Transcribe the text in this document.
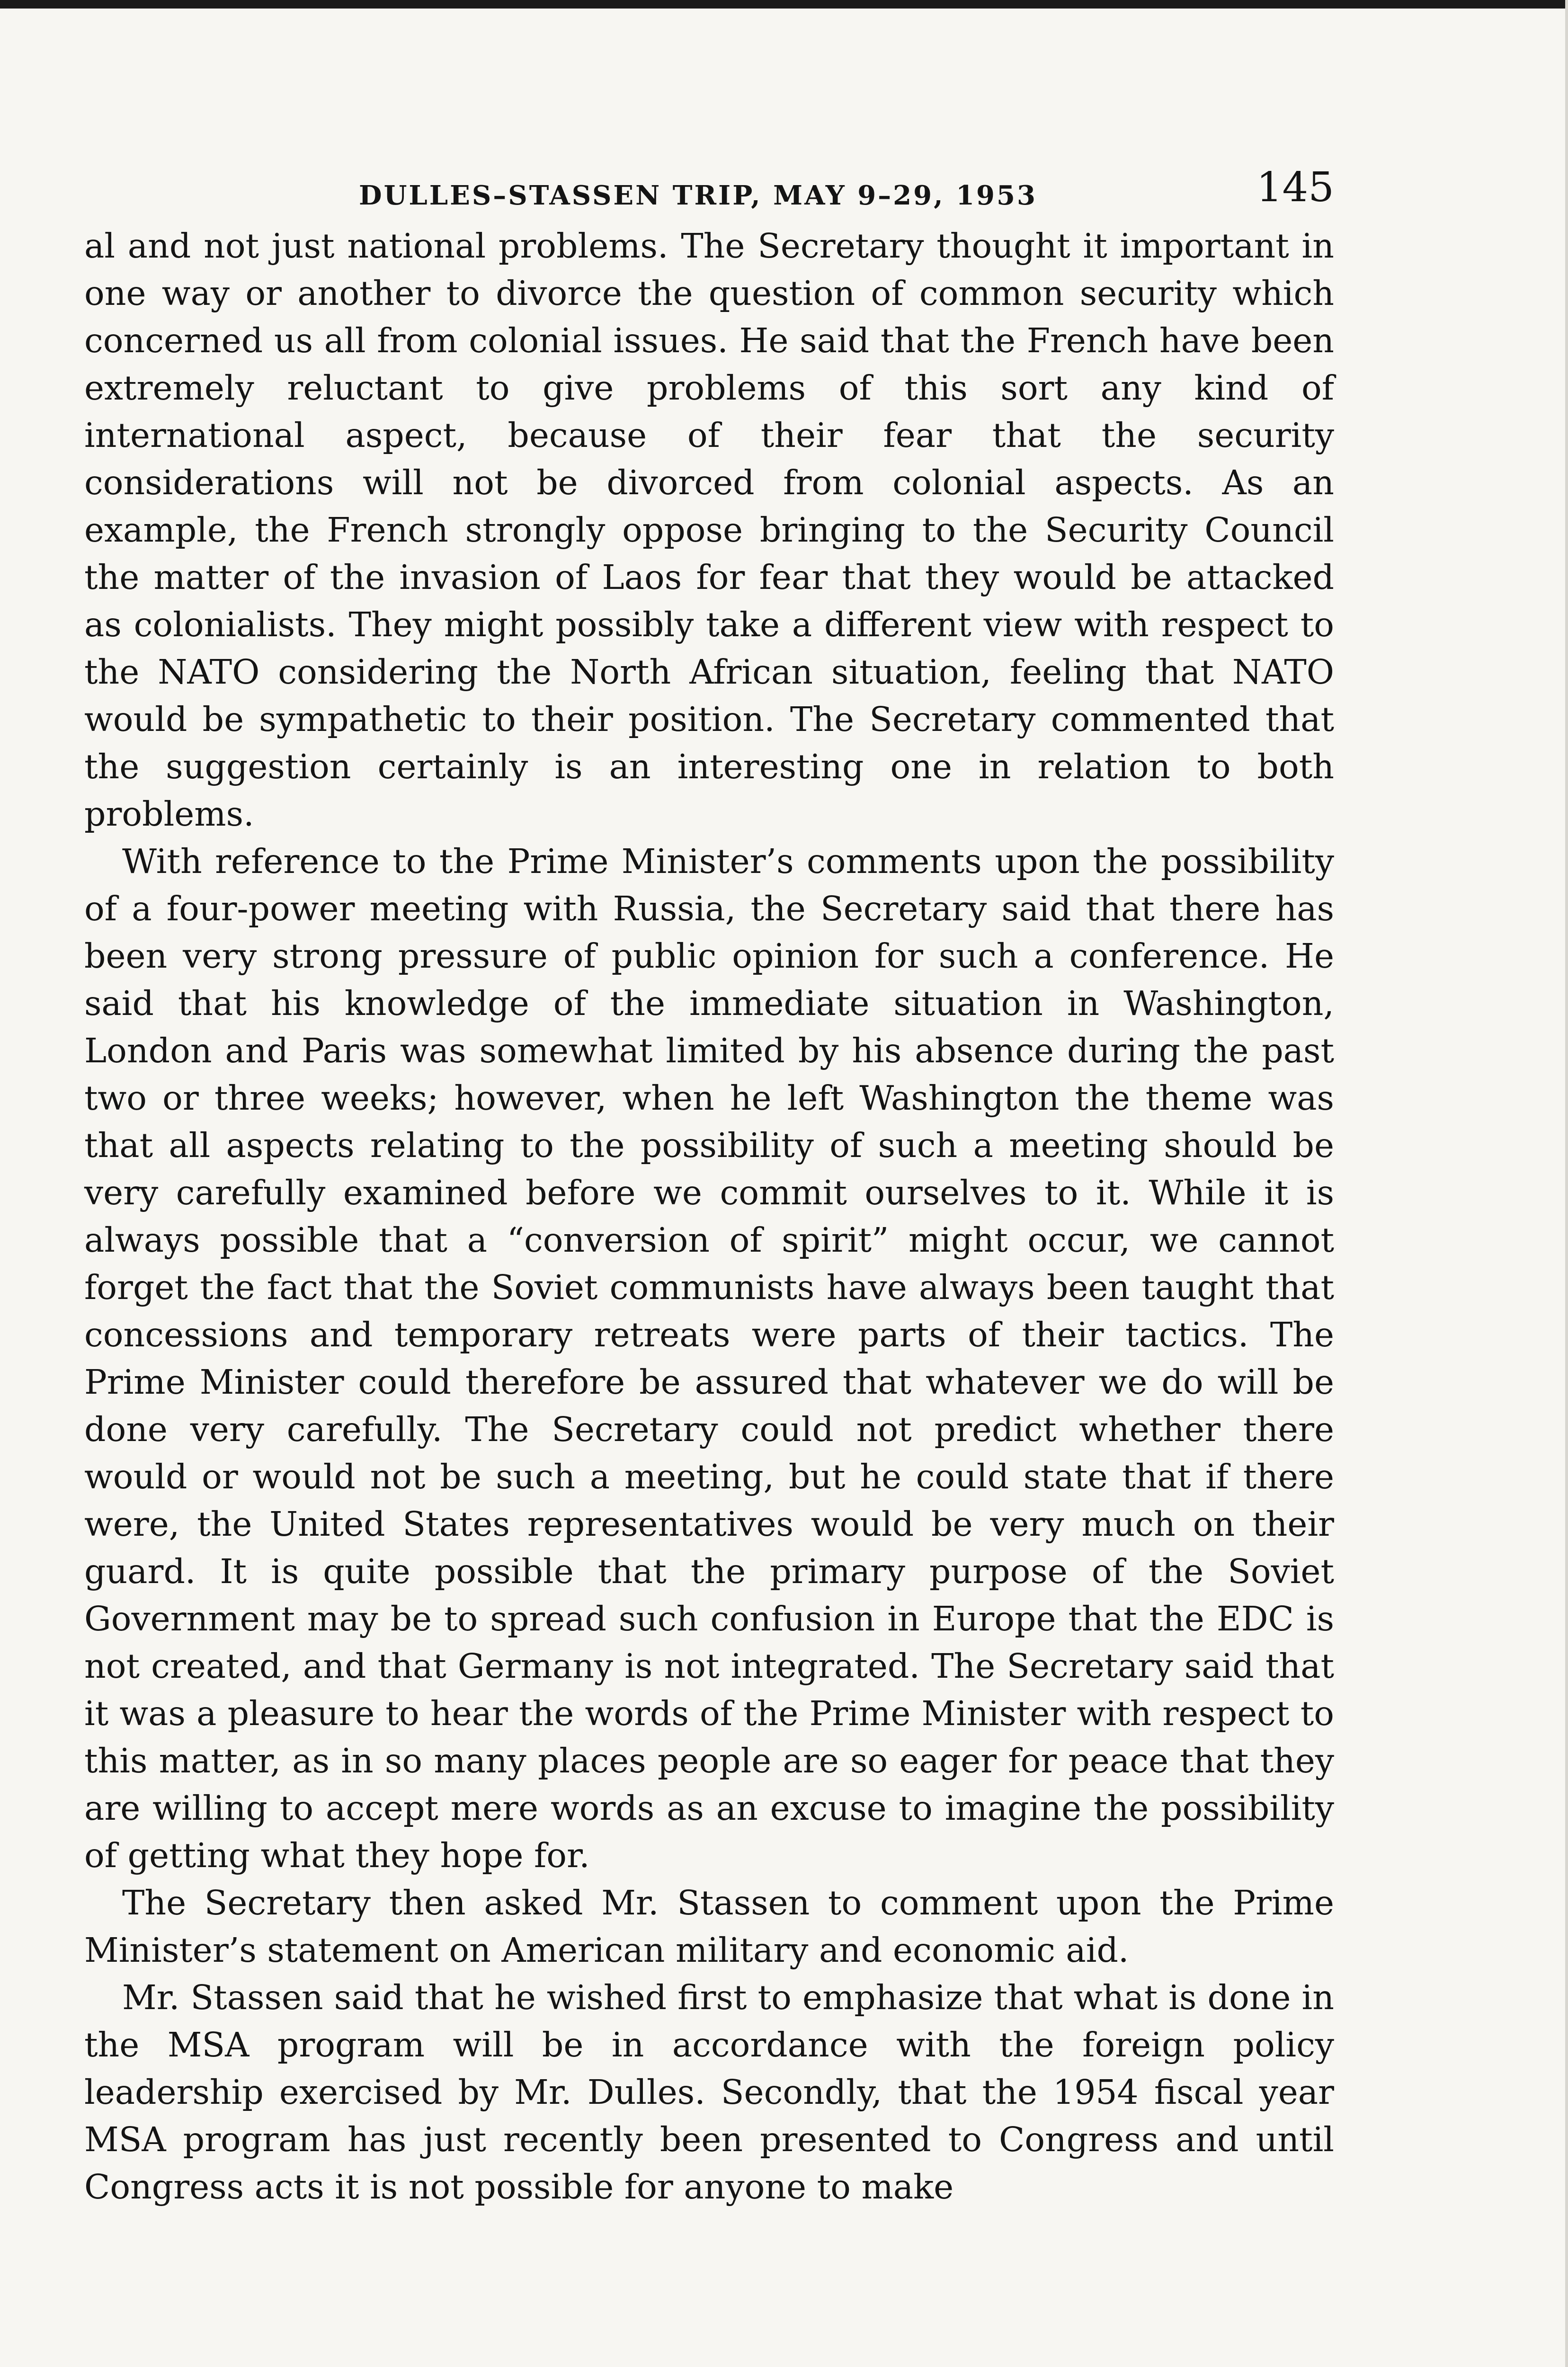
DULLES–STASSEN TRIP, MAY 9–29, 1953	145

al and not just national problems. The Secretary thought it important in one way or another to divorce the question of common security which concerned us all from colonial issues. He said that the French have been extremely reluctant to give problems of this sort any kind of international aspect, because of their fear that the security considerations will not be divorced from colonial aspects. As an example, the French strongly oppose bringing to the Security Council the matter of the invasion of Laos for fear that they would be attacked as colonialists. They might possibly take a different view with respect to the NATO considering the North African situation, feeling that NATO would be sympathetic to their position. The Secretary commented that the suggestion certainly is an interesting one in relation to both problems.

With reference to the Prime Minister’s comments upon the possibility of a four-power meeting with Russia, the Secretary said that there has been very strong pressure of public opinion for such a conference. He said that his knowledge of the immediate situation in Washington, London and Paris was somewhat limited by his absence during the past two or three weeks; however, when he left Washington the theme was that all aspects relating to the possibility of such a meeting should be very carefully examined before we commit ourselves to it. While it is always possible that a “conversion of spirit” might occur, we cannot forget the fact that the Soviet communists have always been taught that concessions and temporary retreats were parts of their tactics. The Prime Minister could therefore be assured that whatever we do will be done very carefully. The Secretary could not predict whether there would or would not be such a meeting, but he could state that if there were, the United States representatives would be very much on their guard. It is quite possible that the primary purpose of the Soviet Government may be to spread such confusion in Europe that the EDC is not created, and that Germany is not integrated. The Secretary said that it was a pleasure to hear the words of the Prime Minister with respect to this matter, as in so many places people are so eager for peace that they are willing to accept mere words as an excuse to imagine the possibility of getting what they hope for.

The Secretary then asked Mr. Stassen to comment upon the Prime Minister’s statement on American military and economic aid.

Mr. Stassen said that he wished first to emphasize that what is done in the MSA program will be in accordance with the foreign policy leadership exercised by Mr. Dulles. Secondly, that the 1954 fiscal year MSA program has just recently been presented to Congress and until Congress acts it is not possible for anyone to make
